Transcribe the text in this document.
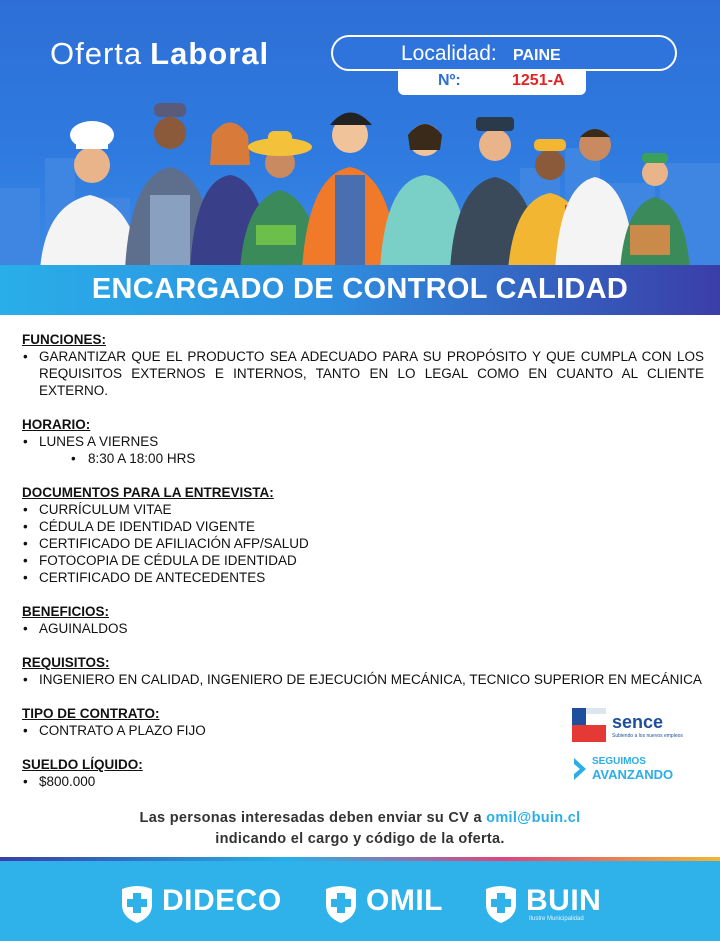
Oferta Laboral	Localidad: PAINE
Nº:	1251-A
ENCARGADO DE CONTROL CALIDAD
FUNCIONES:
• GARANTIZAR QUE EL PRODUCTO SEA ADECUADO PARA SU PROPÓSITO Y QUE CUMPLA CON LOS REQUISITOS EXTERNOS E INTERNOS, TANTO EN LO LEGAL COMO EN CUANTO AL CLIENTE EXTERNO.
HORARIO:
• LUNES A VIERNES
• 8:30 A 18:00 HRS
DOCUMENTOS PARA LA ENTREVISTA:
• CURRÍCULUM VITAE
• CÉDULA DE IDENTIDAD VIGENTE
• CERTIFICADO DE AFILIACIÓN AFP/SALUD
• FOTOCOPIA DE CÉDULA DE IDENTIDAD
• CERTIFICADO DE ANTECEDENTES
BENEFICIOS:
• AGUINALDOS
REQUISITOS:
• INGENIERO EN CALIDAD, INGENIERO DE EJECUCIÓN MECÁNICA, TECNICO SUPERIOR EN MECÁNICA
TIPO DE CONTRATO:
• CONTRATO A PLAZO FIJO
SUELDO LÍQUIDO:
• $800.000
sence
Subiendo a los nuevos empleos
SEGUIMOS
AVANZANDO
Las personas interesadas deben enviar su CV a omil@buin.cl
indicando el cargo y código de la oferta.
DIDECO	OMIL	BUIN
Ilustre Municipalidad
